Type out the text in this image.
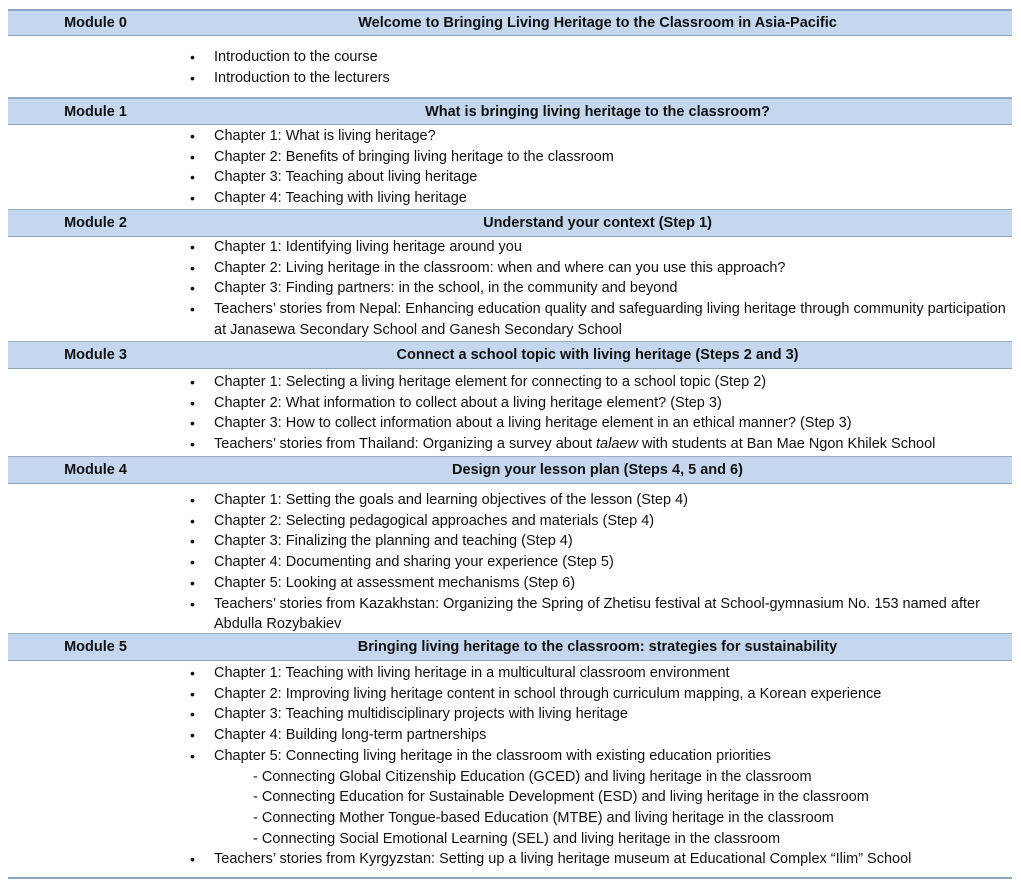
Module 0	Welcome to Bringing Living Heritage to the Classroom in Asia-Pacific
• Introduction to the course
• Introduction to the lecturers
Module 1	What is bringing living heritage to the classroom?
• Chapter 1: What is living heritage?
• Chapter 2: Benefits of bringing living heritage to the classroom
• Chapter 3: Teaching about living heritage
• Chapter 4: Teaching with living heritage
Module 2	Understand your context (Step 1)
• Chapter 1: Identifying living heritage around you
• Chapter 2: Living heritage in the classroom: when and where can you use this approach?
• Chapter 3: Finding partners: in the school, in the community and beyond
• Teachers’ stories from Nepal: Enhancing education quality and safeguarding living heritage through community participation at Janasewa Secondary School and Ganesh Secondary School
Module 3	Connect a school topic with living heritage (Steps 2 and 3)
• Chapter 1: Selecting a living heritage element for connecting to a school topic (Step 2)
• Chapter 2: What information to collect about a living heritage element? (Step 3)
• Chapter 3: How to collect information about a living heritage element in an ethical manner? (Step 3)
• Teachers’ stories from Thailand: Organizing a survey about talaew with students at Ban Mae Ngon Khilek School
Module 4	Design your lesson plan (Steps 4, 5 and 6)
• Chapter 1: Setting the goals and learning objectives of the lesson (Step 4)
• Chapter 2: Selecting pedagogical approaches and materials (Step 4)
• Chapter 3: Finalizing the planning and teaching (Step 4)
• Chapter 4: Documenting and sharing your experience (Step 5)
• Chapter 5: Looking at assessment mechanisms (Step 6)
• Teachers’ stories from Kazakhstan: Organizing the Spring of Zhetisu festival at School-gymnasium No. 153 named after Abdulla Rozybakiev
Module 5	Bringing living heritage to the classroom: strategies for sustainability
• Chapter 1: Teaching with living heritage in a multicultural classroom environment
• Chapter 2: Improving living heritage content in school through curriculum mapping, a Korean experience
• Chapter 3: Teaching multidisciplinary projects with living heritage
• Chapter 4: Building long-term partnerships
• Chapter 5: Connecting living heritage in the classroom with existing education priorities
- Connecting Global Citizenship Education (GCED) and living heritage in the classroom
- Connecting Education for Sustainable Development (ESD) and living heritage in the classroom
- Connecting Mother Tongue-based Education (MTBE) and living heritage in the classroom
- Connecting Social Emotional Learning (SEL) and living heritage in the classroom
• Teachers’ stories from Kyrgyzstan: Setting up a living heritage museum at Educational Complex “Ilim” School
